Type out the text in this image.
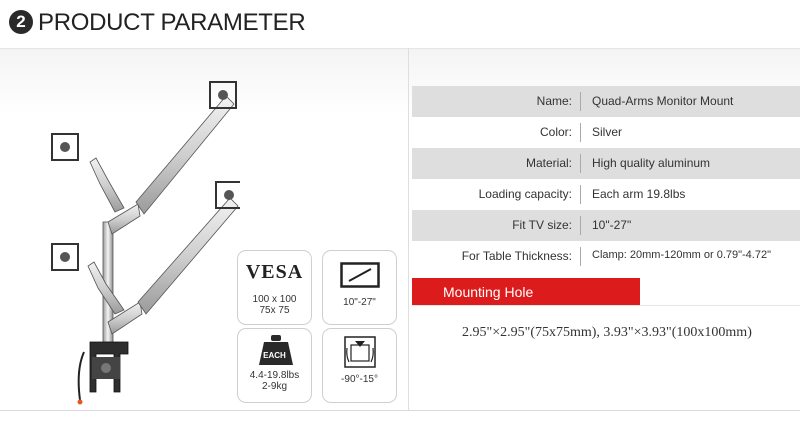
2 PRODUCT PARAMETER
VESA
100 x 100
75x 75
10"-27"
EACH
4.4-19.8lbs
2-9kg
-90°-15°
Name: Quad-Arms Monitor Mount
Color: Silver
Material: High quality aluminum
Loading capacity: Each arm 19.8lbs
Fit TV size: 10"-27"
For Table Thickness: Clamp: 20mm-120mm or 0.79"-4.72"
Mounting Hole
2.95"×2.95"(75x75mm), 3.93"×3.93"(100x100mm)
